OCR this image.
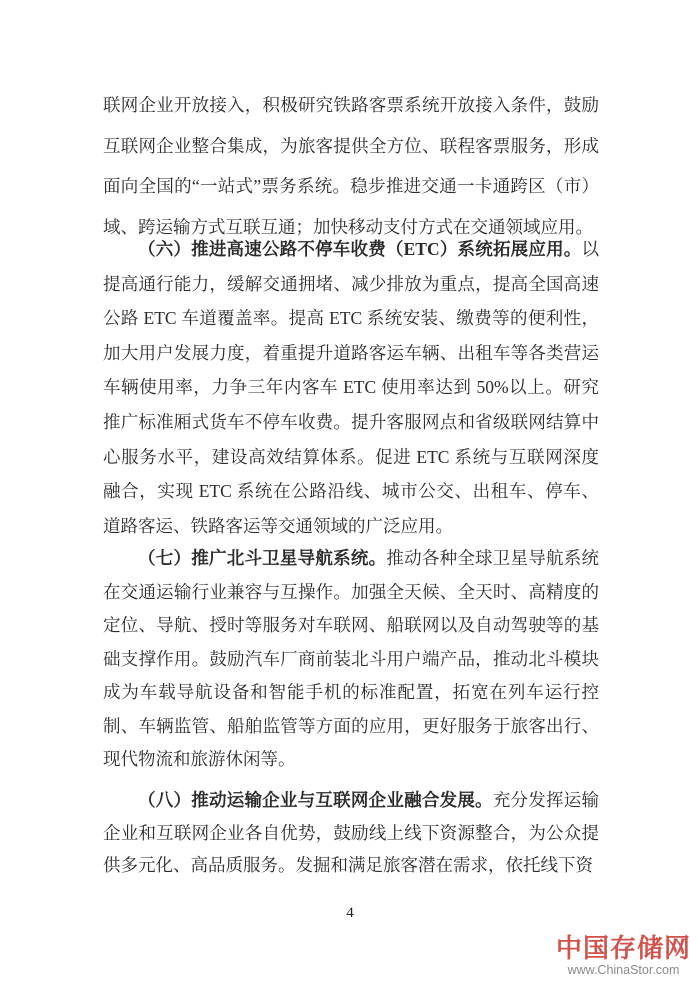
联网企业开放接入，积极研究铁路客票系统开放接入条件，鼓励
互联网企业整合集成，为旅客提供全方位、联程客票服务，形成
面向全国的“一站式”票务系统。稳步推进交通一卡通跨区（市）
域、跨运输方式互联互通；加快移动支付方式在交通领域应用。
（六）推进高速公路不停车收费（ETC）系统拓展应用。以
提高通行能力，缓解交通拥堵、减少排放为重点，提高全国高速
公路 ETC 车道覆盖率。提高 ETC 系统安装、缴费等的便利性，
加大用户发展力度，着重提升道路客运车辆、出租车等各类营运
车辆使用率，力争三年内客车 ETC 使用率达到 50%以上。研究
推广标准厢式货车不停车收费。提升客服网点和省级联网结算中
心服务水平，建设高效结算体系。促进 ETC 系统与互联网深度
融合，实现 ETC 系统在公路沿线、城市公交、出租车、停车、
道路客运、铁路客运等交通领域的广泛应用。
（七）推广北斗卫星导航系统。推动各种全球卫星导航系统
在交通运输行业兼容与互操作。加强全天候、全天时、高精度的
定位、导航、授时等服务对车联网、船联网以及自动驾驶等的基
础支撑作用。鼓励汽车厂商前装北斗用户端产品，推动北斗模块
成为车载导航设备和智能手机的标准配置，拓宽在列车运行控
制、车辆监管、船舶监管等方面的应用，更好服务于旅客出行、
现代物流和旅游休闲等。
（八）推动运输企业与互联网企业融合发展。充分发挥运输
企业和互联网企业各自优势，鼓励线上线下资源整合，为公众提
供多元化、高品质服务。发掘和满足旅客潜在需求，依托线下资
4
中国存储网
www.ChinaStor.com
